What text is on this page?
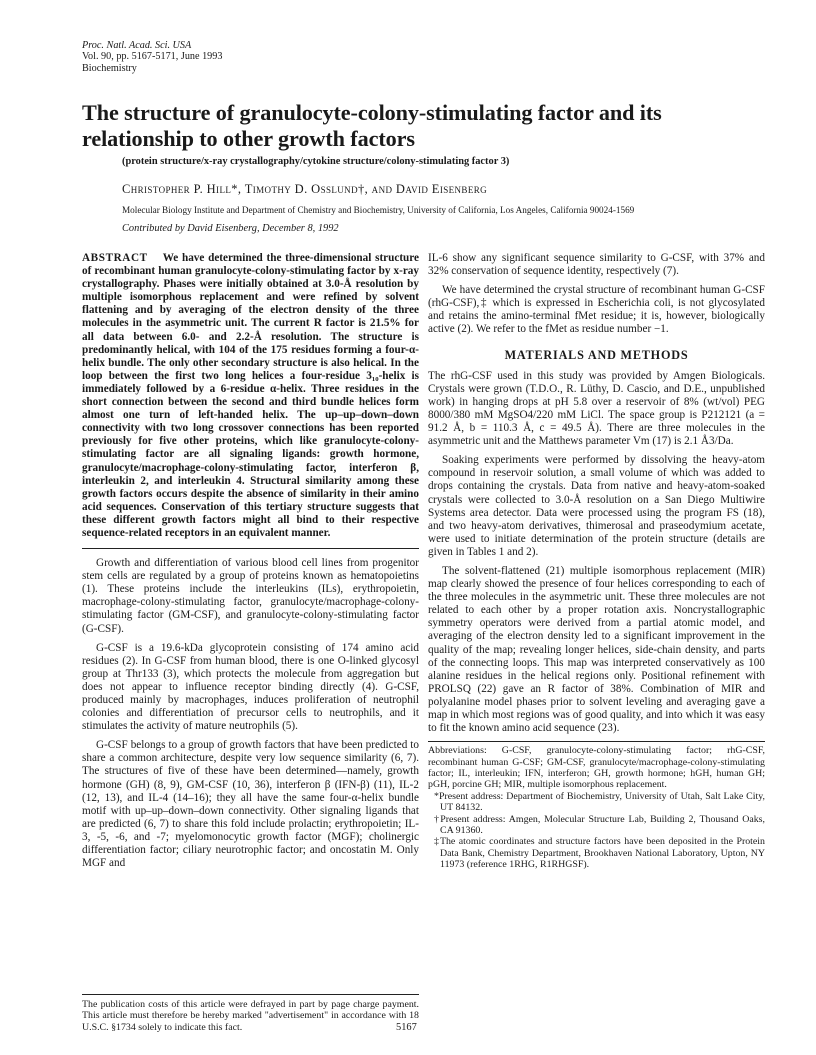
Proc. Natl. Acad. Sci. USA
Vol. 90, pp. 5167-5171, June 1993
Biochemistry
The structure of granulocyte-colony-stimulating factor and its relationship to other growth factors
(protein structure/x-ray crystallography/cytokine structure/colony-stimulating factor 3)
Christopher P. Hill*, Timothy D. Osslund†, and David Eisenberg
Molecular Biology Institute and Department of Chemistry and Biochemistry, University of California, Los Angeles, California 90024-1569
Contributed by David Eisenberg, December 8, 1992

ABSTRACT We have determined the three-dimensional structure of recombinant human granulocyte-colony-stimulating factor by x-ray crystallography. Phases were initially obtained at 3.0-Å resolution by multiple isomorphous replacement and were refined by solvent flattening and by averaging of the electron density of the three molecules in the asymmetric unit. The current R factor is 21.5% for all data between 6.0- and 2.2-Å resolution. The structure is predominantly helical, with 104 of the 175 residues forming a four-α-helix bundle. The only other secondary structure is also helical. In the loop between the first two long helices a four-residue 3₁₀-helix is immediately followed by a 6-residue α-helix. Three residues in the short connection between the second and third bundle helices form almost one turn of left-handed helix. The up–up–down–down connectivity with two long crossover connections has been reported previously for five other proteins, which like granulocyte-colony-stimulating factor are all signaling ligands: growth hormone, granulocyte/macrophage-colony-stimulating factor, interferon β, interleukin 2, and interleukin 4. Structural similarity among these growth factors occurs despite the absence of similarity in their amino acid sequences. Conservation of this tertiary structure suggests that these different growth factors might all bind to their respective sequence-related receptors in an equivalent manner.

Growth and differentiation of various blood cell lines from progenitor stem cells are regulated by a group of proteins known as hematopoietins (1). These proteins include the interleukins (ILs), erythropoietin, macrophage-colony-stimulating factor, granulocyte/macrophage-colony-stimulating factor (GM-CSF), and granulocyte-colony-stimulating factor (G-CSF).

G-CSF is a 19.6-kDa glycoprotein consisting of 174 amino acid residues (2). In G-CSF from human blood, there is one O-linked glycosyl group at Thr133 (3), which protects the molecule from aggregation but does not appear to influence receptor binding directly (4). G-CSF, produced mainly by macrophages, induces proliferation of neutrophil colonies and differentiation of precursor cells to neutrophils, and it stimulates the activity of mature neutrophils (5).

G-CSF belongs to a group of growth factors that have been predicted to share a common architecture, despite very low sequence similarity (6, 7). The structures of five of these have been determined—namely, growth hormone (GH) (8, 9), GM-CSF (10, 36), interferon β (IFN-β) (11), IL-2 (12, 13), and IL-4 (14–16); they all have the same four-α-helix bundle motif with up–up–down–down connectivity. Other signaling ligands that are predicted (6, 7) to share this fold include prolactin; erythropoietin; IL-3, -5, -6, and -7; myelomonocytic growth factor (MGF); cholinergic differentiation factor; ciliary neurotrophic factor; and oncostatin M. Only MGF and

The publication costs of this article were defrayed in part by page charge payment. This article must therefore be hereby marked "advertisement" in accordance with 18 U.S.C. §1734 solely to indicate this fact.

IL-6 show any significant sequence similarity to G-CSF, with 37% and 32% conservation of sequence identity, respectively (7).

We have determined the crystal structure of recombinant human G-CSF (rhG-CSF),‡ which is expressed in Escherichia coli, is not glycosylated and retains the amino-terminal fMet residue; it is, however, biologically active (2). We refer to the fMet as residue number −1.

MATERIALS AND METHODS

The rhG-CSF used in this study was provided by Amgen Biologicals. Crystals were grown (T.D.O., R. Lüthy, D. Cascio, and D.E., unpublished work) in hanging drops at pH 5.8 over a reservoir of 8% (wt/vol) PEG 8000/380 mM MgSO4/220 mM LiCl. The space group is P212121 (a = 91.2 Å, b = 110.3 Å, c = 49.5 Å). There are three molecules in the asymmetric unit and the Matthews parameter Vm (17) is 2.1 Å3/Da.

Soaking experiments were performed by dissolving the heavy-atom compound in reservoir solution, a small volume of which was added to drops containing the crystals. Data from native and heavy-atom-soaked crystals were collected to 3.0-Å resolution on a San Diego Multiwire Systems area detector. Data were processed using the program FS (18), and two heavy-atom derivatives, thimerosal and praseodymium acetate, were used to initiate determination of the protein structure (details are given in Tables 1 and 2).

The solvent-flattened (21) multiple isomorphous replacement (MIR) map clearly showed the presence of four helices corresponding to each of the three molecules in the asymmetric unit. These three molecules are not related to each other by a proper rotation axis. Noncrystallographic symmetry operators were derived from a partial atomic model, and averaging of the electron density led to a significant improvement in the quality of the map; revealing longer helices, side-chain density, and parts of the connecting loops. This map was interpreted conservatively as 100 alanine residues in the helical regions only. Positional refinement with PROLSQ (22) gave an R factor of 38%. Combination of MIR and polyalanine model phases prior to solvent leveling and averaging gave a map in which most regions was of good quality, and into which it was easy to fit the known amino acid sequence (23).

Abbreviations: G-CSF, granulocyte-colony-stimulating factor; rhG-CSF, recombinant human G-CSF; GM-CSF, granulocyte/macrophage-colony-stimulating factor; IL, interleukin; IFN, interferon; GH, growth hormone; hGH, human GH; pGH, porcine GH; MIR, multiple isomorphous replacement.

*Present address: Department of Biochemistry, University of Utah, Salt Lake City, UT 84132.

†Present address: Amgen, Molecular Structure Lab, Building 2, Thousand Oaks, CA 91360.

‡The atomic coordinates and structure factors have been deposited in the Protein Data Bank, Chemistry Department, Brookhaven National Laboratory, Upton, NY 11973 (reference 1RHG, R1RHGSF).

5167
